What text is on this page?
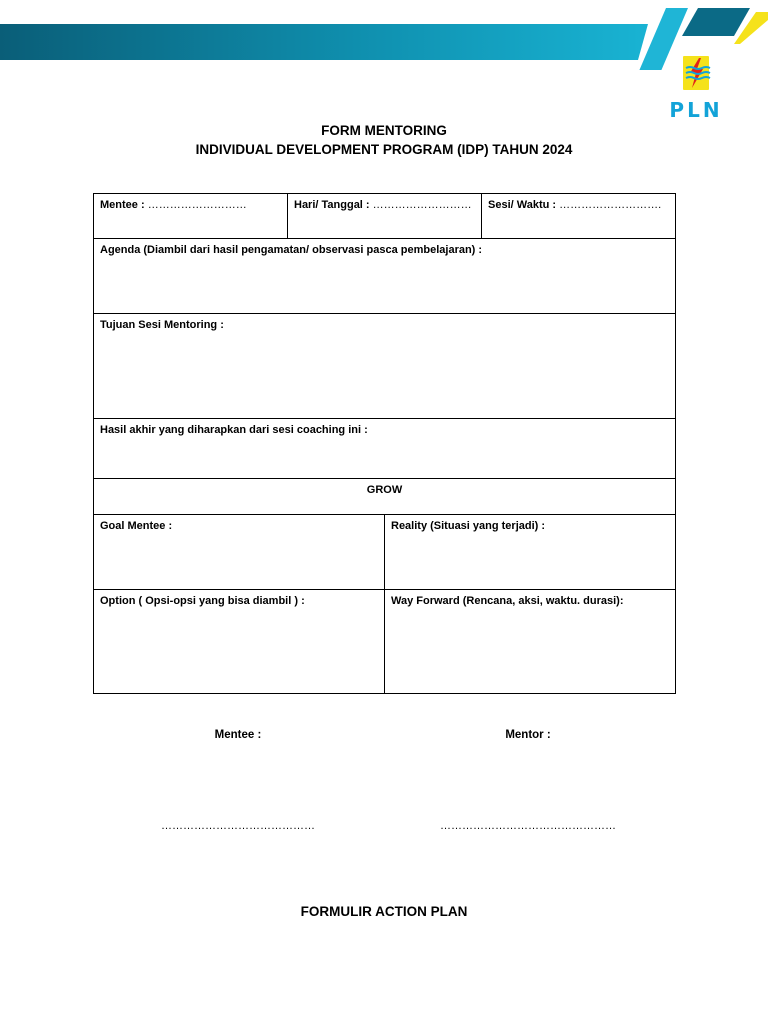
PLN
FORM MENTORING
INDIVIDUAL DEVELOPMENT PROGRAM (IDP) TAHUN 2024
Mentee : ………………………	Hari/ Tanggal : ………………………		Sesi/ Waktu : ……………………….
Agenda (Diambil dari hasil pengamatan/ observasi pasca pembelajaran) :			
Tujuan Sesi Mentoring :			
Hasil akhir yang diharapkan dari sesi coaching ini :			
GROW			
Goal Mentee :		Reality (Situasi yang terjadi) :	
Option ( Opsi-opsi yang bisa diambil ) :		Way Forward (Rencana, aksi, waktu. durasi):	
Mentee :	Mentor :
……………………………………	…………………………………………
FORMULIR ACTION PLAN
